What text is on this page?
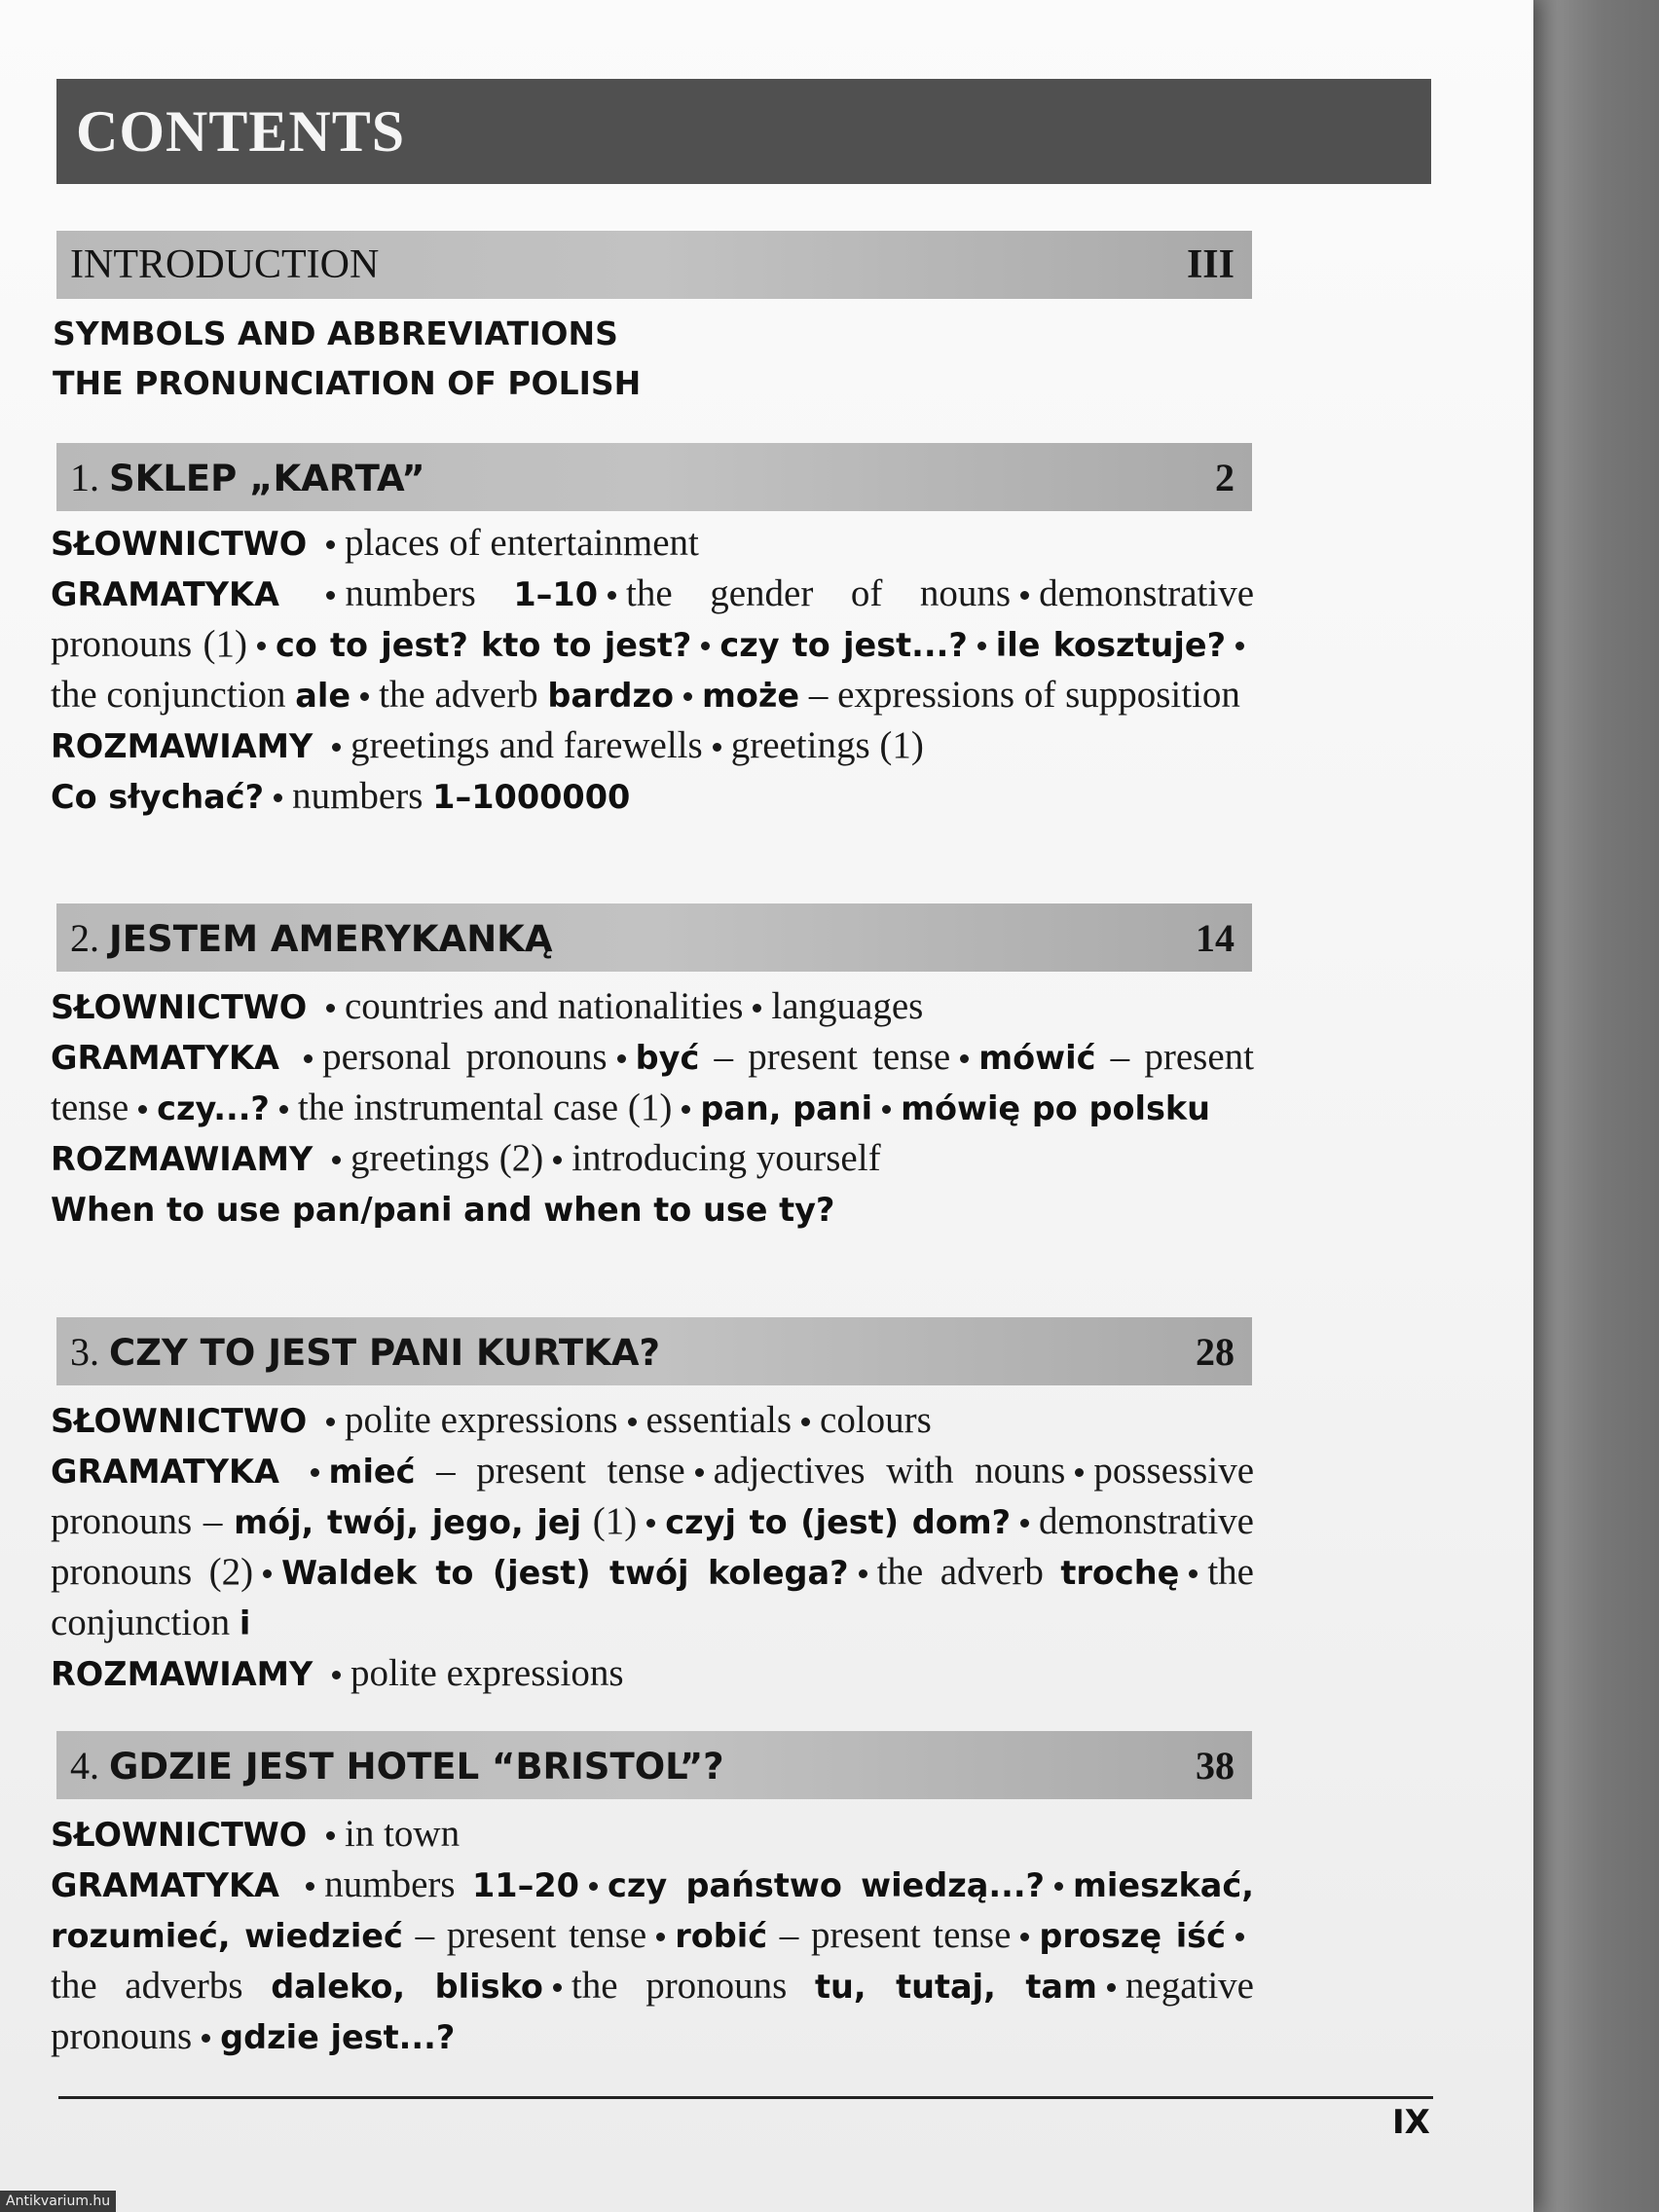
CONTENTS
INTRODUCTION	III
SYMBOLS AND ABBREVIATIONS
THE PRONUNCIATION OF POLISH
1. SKLEP „KARTA”	2

SŁOWNICTWO places of entertainment

GRAMATYKA numbers 1–10 the gender of nouns demonstrative pronouns (1) co to jest? kto to jest? czy to jest...? ile kosztuje?the conjunction ale the adverb bardzo może – expressions of supposition

ROZMAWIAMY greetings and farewells greetings (1)

Co słychać? numbers 1–1000000

2. JESTEM AMERYKANKĄ	14

SŁOWNICTWO countries and nationalities languages

GRAMATYKA personal pronouns być – present tense mówić – present tense czy...? the instrumental case (1) pan, pani mówię po polsku

ROZMAWIAMY greetings (2) introducing yourself

When to use pan/pani and when to use ty?

3. CZY TO JEST PANI KURTKA?	28

SŁOWNICTWO polite expressions essentials colours

GRAMATYKA mieć – present tense adjectives with nouns possessive pronouns – mój, twój, jego, jej (1) czyj to (jest) dom? demonstrative pronouns (2) Waldek to (jest) twój kolega? the adverb trochę the conjunction i

ROZMAWIAMY polite expressions

4. GDZIE JEST HOTEL “BRISTOL”?	38

SŁOWNICTWO in town

GRAMATYKA numbers 11–20 czy państwo wiedzą...? mieszkać, rozumieć, wiedzieć – present tense robić – present tense proszę iśćthe adverbs daleko, blisko the pronouns tu, tutaj, tam negative pronouns gdzie jest...?

IX
Antikvarium.hu
